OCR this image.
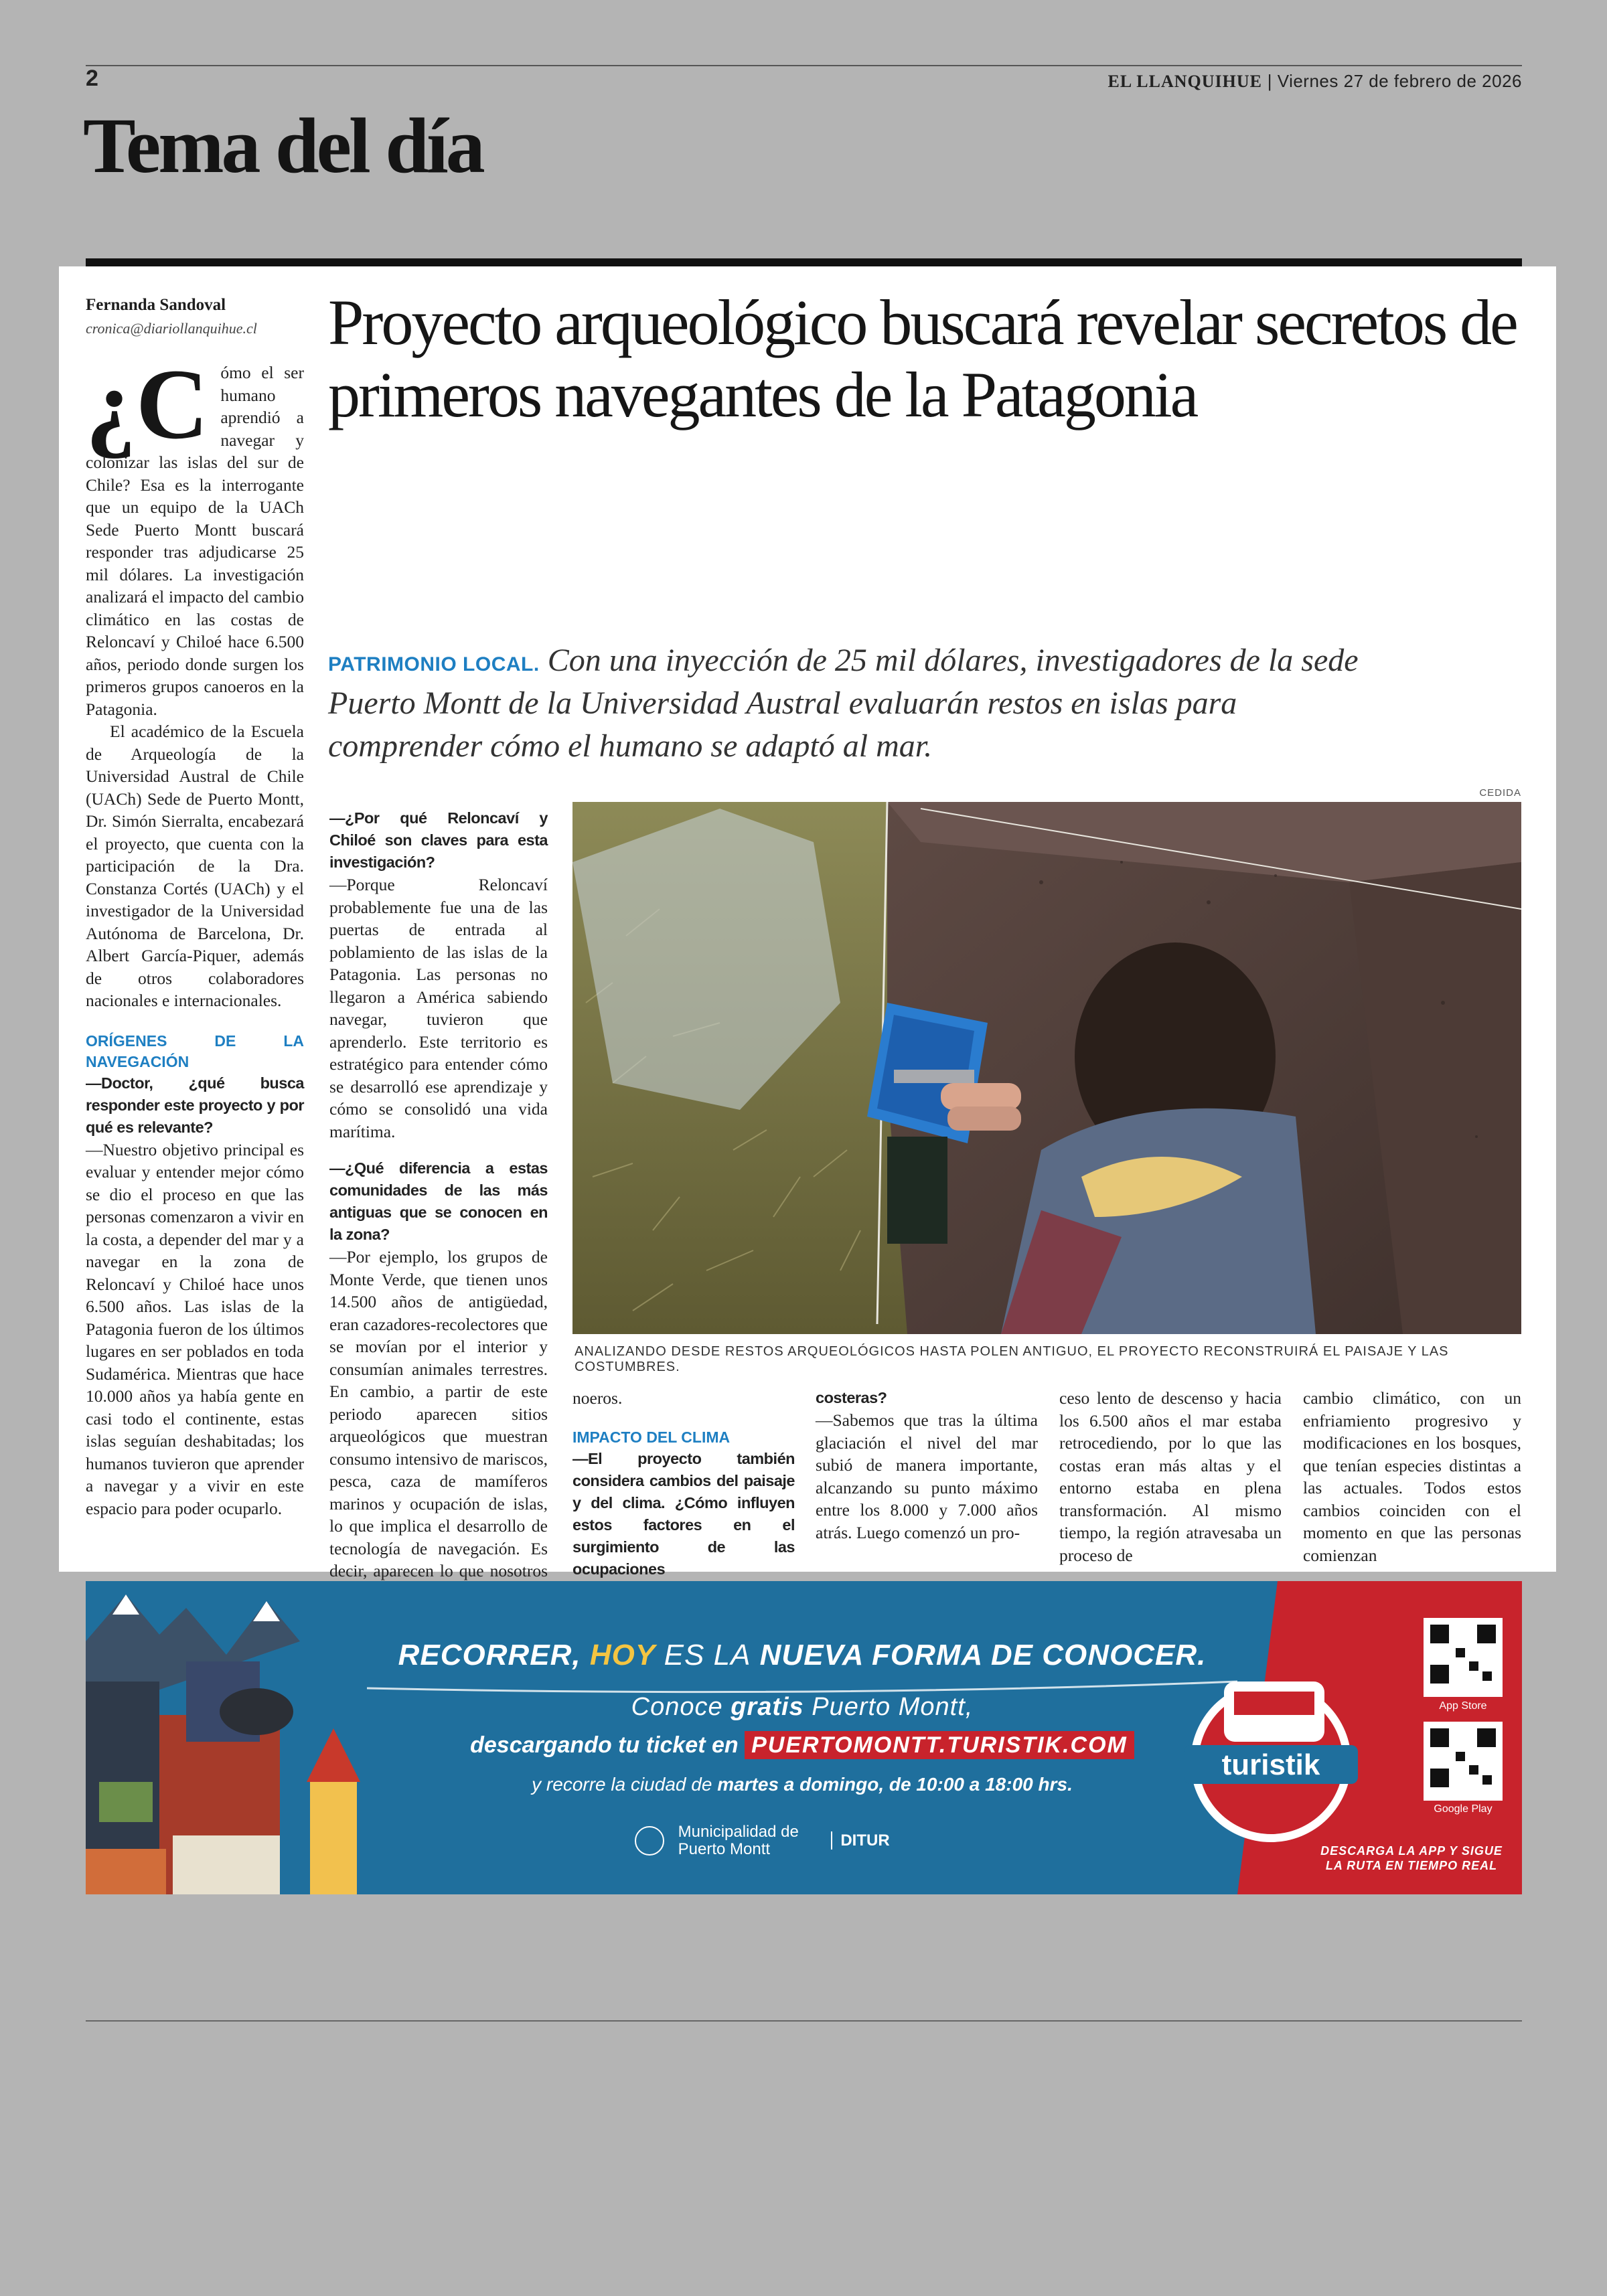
2	EL LLANQUIHUE | Viernes 27 de febrero de 2026
Tema del día
Fernanda Sandoval
cronica@diariollanquihue.cl Proyecto arqueológico buscará revelar secretos de primeros navegantes de la Patagonia
PATRIMONIO LOCAL. Con una inyección de 25 mil dólares, investigadores de la sede Puerto Montt de la Universidad Austral evaluarán restos en islas para comprender cómo el humano se adaptó al mar.

¿C ómo el ser humano aprendió a navegar y colonizar las islas del sur de Chile? Esa es la interrogante que un equipo de la UACh Sede Puerto Montt buscará responder tras adjudicarse 25 mil dólares. La investigación analizará el impacto del cambio climático en las costas de Reloncaví y Chiloé hace 6.500 años, periodo donde surgen los primeros grupos canoeros en la Patagonia.

El académico de la Escuela de Arqueología de la Universidad Austral de Chile (UACh) Sede de Puerto Montt, Dr. Simón Sierralta, encabezará el proyecto, que cuenta con la participación de la Dra. Constanza Cortés (UACh) y el investigador de la Universidad Autónoma de Barcelona, Dr. Albert García-Piquer, además de otros colaboradores nacionales e internacionales.

ORÍGENES DE LA NAVEGACIÓN
—Doctor, ¿qué busca responder este proyecto y por qué es relevante?

—Nuestro objetivo principal es evaluar y entender mejor cómo se dio el proceso en que las personas comenzaron a vivir en la costa, a depender del mar y a navegar en la zona de Reloncaví y Chiloé hace unos 6.500 años. Las islas de la Patagonia fueron de los últimos lugares en ser poblados en toda Sudamérica. Mientras que hace 10.000 años ya había gente en casi todo el continente, estas islas seguían deshabitadas; los humanos tuvieron que aprender a navegar y a vivir en este espacio para poder ocuparlo.

—¿Por qué Reloncaví y Chiloé son claves para esta investigación?

—Porque Reloncaví probablemente fue una de las puertas de entrada al poblamiento de las islas de la Patagonia. Las personas no llegaron a América sabiendo navegar, tuvieron que aprenderlo. Este territorio es estratégico para entender cómo se desarrolló ese aprendizaje y cómo se consolidó una vida marítima.

—¿Qué diferencia a estas comunidades de las más antiguas que se conocen en la zona?

—Por ejemplo, los grupos de Monte Verde, que tienen unos 14.500 años de antigüedad, eran cazadores-recolectores que se movían por el interior y consumían animales terrestres. En cambio, a partir de este periodo aparecen sitios arqueológicos que muestran consumo intensivo de mariscos, pesca, caza de mamíferos marinos y ocupación de islas, lo que implica el desarrollo de tecnología de navegación. Es decir, aparecen lo que nosotros

CEDIDA
ANALIZANDO DESDE RESTOS ARQUEOLÓGICOS HASTA POLEN ANTIGUO, EL PROYECTO RECONSTRUIRÁ EL PAISAJE Y LAS COSTUMBRES.

noeros.

IMPACTO DEL CLIMA
—El proyecto también considera cambios del paisaje y del clima. ¿Cómo influyen estos factores en el surgimiento de las ocupaciones
costeras?

—Sabemos que tras la última glaciación el nivel del mar subió de manera importante, alcanzando su punto máximo entre los 8.000 y 7.000 años atrás. Luego comenzó un pro-

ceso lento de descenso y hacia los 6.500 años el mar estaba retrocediendo, por lo que las costas eran más altas y el entorno estaba en plena transformación. Al mismo tiempo, la región atravesaba un proceso de

cambio climático, con un enfriamiento progresivo y modificaciones en los bosques, que tenían especies distintas a las actuales. Todos estos cambios coinciden con el momento en que las personas comienzan

RECORRER, HOY ES LA NUEVA FORMA DE CONOCER.
Conoce gratis Puerto Montt,
descargando tu ticket en PUERTOMONTT.TURISTIK.COM
y recorre la ciudad de martes a domingo, de 10:00 a 18:00 hrs.
Municipalidad de Puerto Montt	DITUR
turistik
App Store
Google Play
DESCARGA LA APP Y SIGUE LA RUTA EN TIEMPO REAL
